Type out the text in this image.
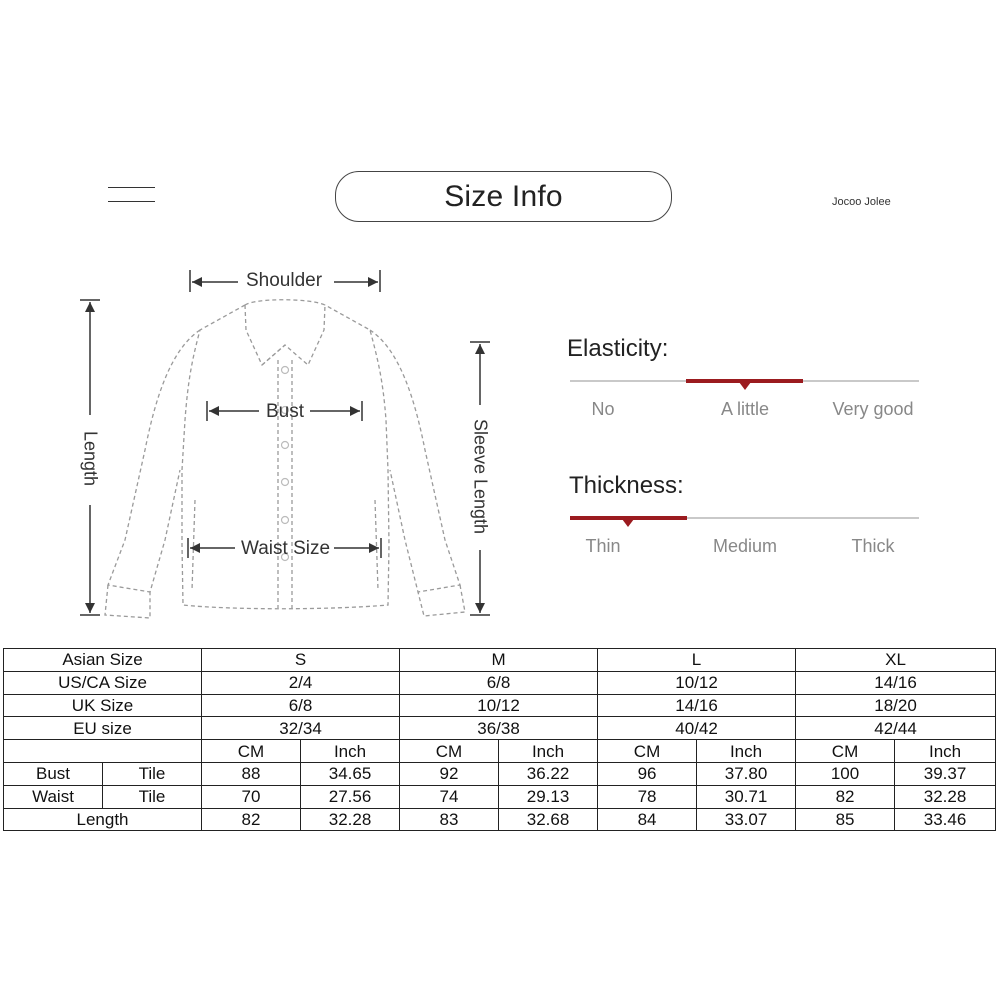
Size Info	Jocoo Jolee
Shoulder
Bust
Waist Size
Length	Sleeve Length
Elasticity:
No	A little	Very good
Thickness:
Thin	Medium	Thick
Asian Size		S		M		L		XL	
US/CA Size		2/4		6/8		10/12		14/16	
UK Size		6/8		10/12		14/16		18/20	
EU size		32/34		36/38		40/42		42/44	
		CM	Inch	CM	Inch	CM	Inch	CM	Inch
Bust	Tile	88	34.65	92	36.22	96	37.80	100	39.37
Waist	Tile	70	27.56	74	29.13	78	30.71	82	32.28
Length		82	32.28	83	32.68	84	33.07	85	33.46
